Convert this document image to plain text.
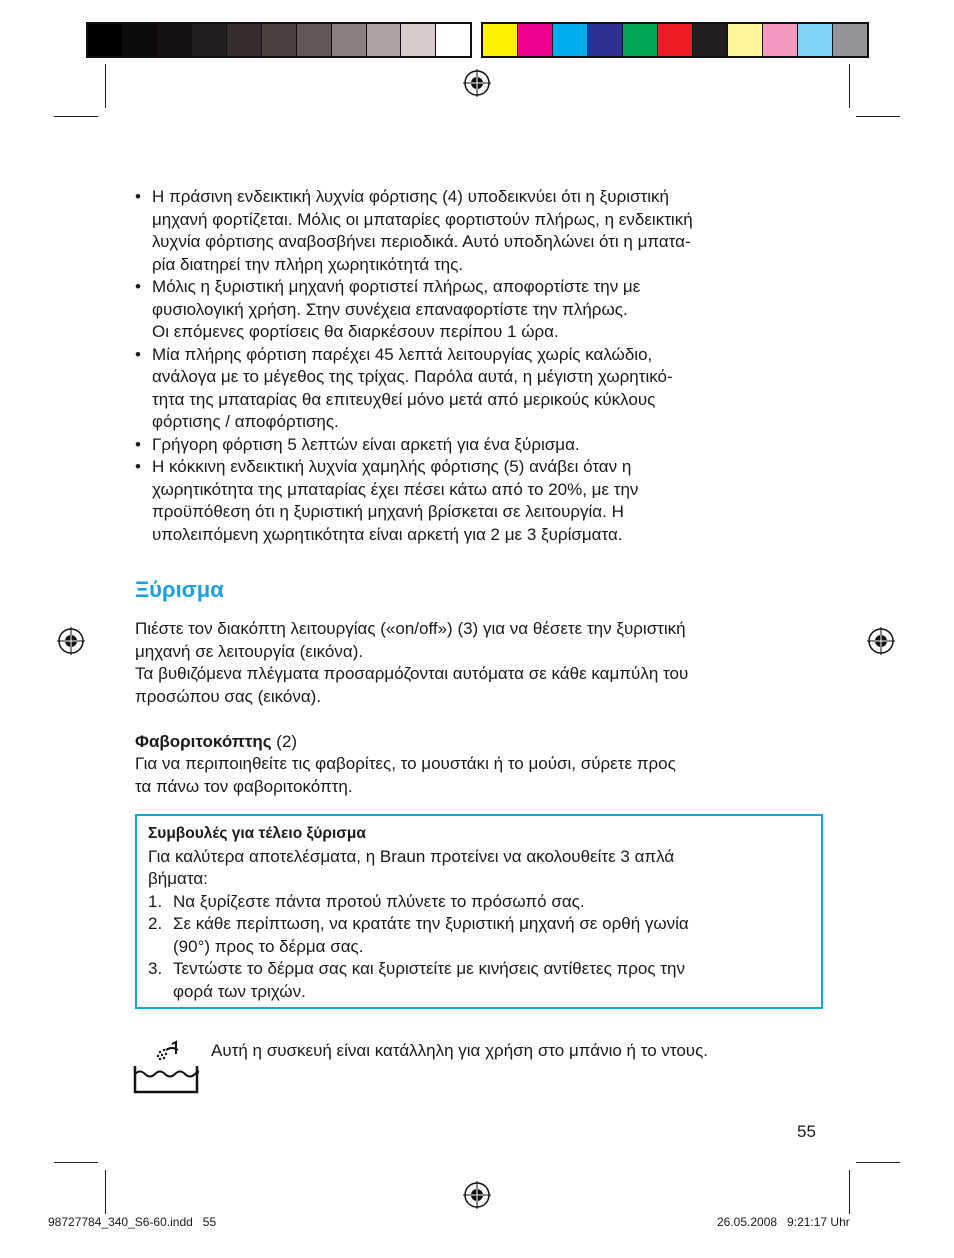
• Η πράσινη ενδεικτική λυχνία φόρτισης (4) υποδεικνύει ότι η ξυριστική
μηχανή φορτίζεται. Μόλις οι μπαταρίες φορτιστούν πλήρως, η ενδεικτική
λυχνία φόρτισης αναβοσβήνει περιοδικά. Αυτό υποδηλώνει ότι η μπατα-
ρία διατηρεί την πλήρη χωρητικότητά της.
• Μόλις η ξυριστική μηχανή φορτιστεί πλήρως, αποφορτίστε την με
φυσιολογική χρήση. Στην συνέχεια επαναφορτίστε την πλήρως.
Οι επόμενες φορτίσεις θα διαρκέσουν περίπου 1 ώρα.
• Μία πλήρης φόρτιση παρέχει 45 λεπτά λειτουργίας χωρίς καλώδιο,
ανάλογα με το μέγεθος της τρίχας. Παρόλα αυτά, η μέγιστη χωρητικό-
τητα της μπαταρίας θα επιτευχθεί μόνο μετά από μερικούς κύκλους
φόρτισης / αποφόρτισης.
• Γρήγορη φόρτιση 5 λεπτών είναι αρκετή για ένα ξύρισμα.
• Η κόκκινη ενδεικτική λυχνία χαμηλής φόρτισης (5) ανάβει όταν η
χωρητικότητα της μπαταρίας έχει πέσει κάτω από το 20%, με την
προϋπόθεση ότι η ξυριστική μηχανή βρίσκεται σε λειτουργία. Η
υπολειπόμενη χωρητικότητα είναι αρκετή για 2 με 3 ξυρίσματα.
Ξύρισμα

Πιέστε τον διακόπτη λειτουργίας («on/off») (3) για να θέσετε την ξυριστική
μηχανή σε λειτουργία (εικόνα).

Τα βυθιζόμενα πλέγματα προσαρμόζονται αυτόματα σε κάθε καμπύλη του
προσώπου σας (εικόνα).

Φαβοριτοκόπτης (2)
Για να περιποιηθείτε τις φαβορίτες, το μουστάκι ή το μούσι, σύρετε προς
τα πάνω τον φαβοριτοκόπτη.

Συμβουλές για τέλειο ξύρισμα
Για καλύτερα αποτελέσματα, η Braun προτείνει να ακολουθείτε 3 απλά
βήματα:
1. Να ξυρίζεστε πάντα προτού πλύνετε το πρόσωπό σας.
2. Σε κάθε περίπτωση, να κρατάτε την ξυριστική μηχανή σε ορθή γωνία
(90°) προς το δέρμα σας.
3. Τεντώστε το δέρμα σας και ξυριστείτε με κινήσεις αντίθετες προς την
φορά των τριχών.
Αυτή η συσκευή είναι κατάλληλη για χρήση στο μπάνιο ή το ντους.
55
98727784_340_S6-60.indd   55	26.05.2008   9:21:17 Uhr
